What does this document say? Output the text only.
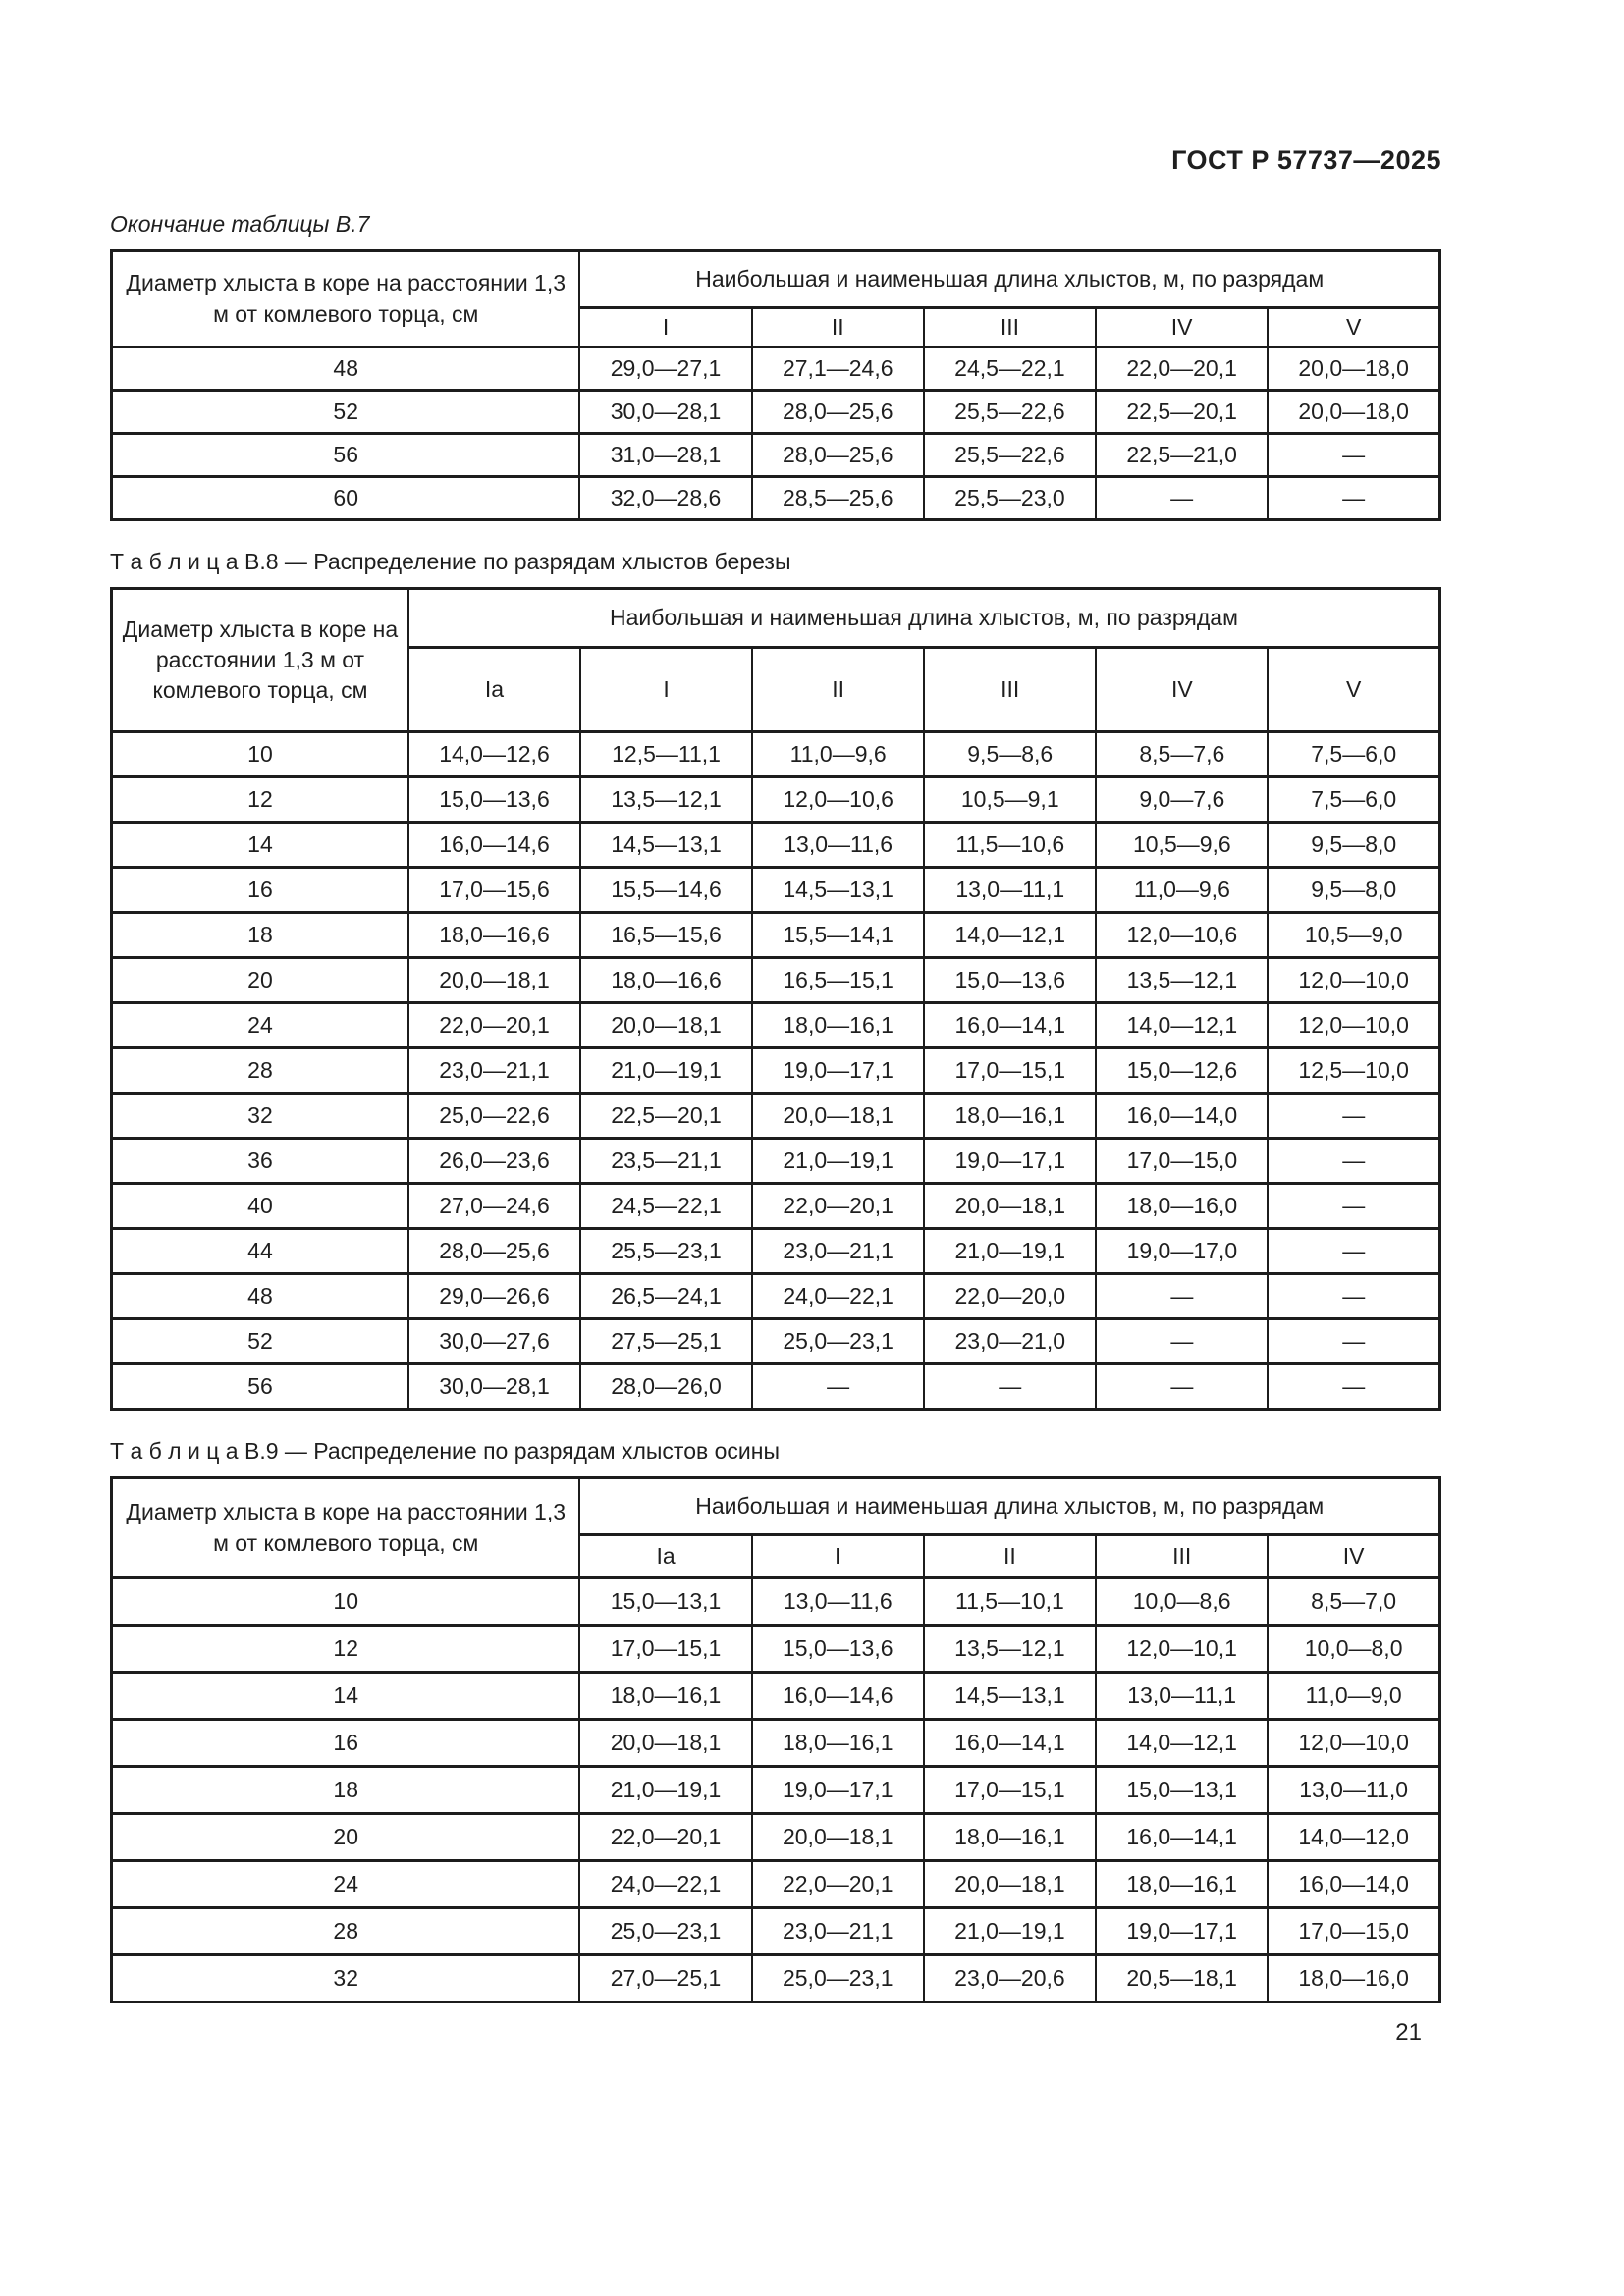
ГОСТ Р 57737—2025
Окончание таблицы В.7
Диаметр хлыста в коре на расстоянии 1,3 м от комлевого торца, см	Наибольшая и наименьшая длина хлыстов, м, по разрядам				
	I	II	III	IV	V
48	29,0—27,1	27,1—24,6	24,5—22,1	22,0—20,1	20,0—18,0
52	30,0—28,1	28,0—25,6	25,5—22,6	22,5—20,1	20,0—18,0
56	31,0—28,1	28,0—25,6	25,5—22,6	22,5—21,0	—
60	32,0—28,6	28,5—25,6	25,5—23,0	—	—
Т а б л и ц а В.8 — Распределение по разрядам хлыстов березы
Диаметр хлыста в коре на расстоянии 1,3 м от комлевого торца, см	Наибольшая и наименьшая длина хлыстов, м, по разрядам					
	Iа	I	II	III	IV	V
10	14,0—12,6	12,5—11,1	11,0—9,6	9,5—8,6	8,5—7,6	7,5—6,0
12	15,0—13,6	13,5—12,1	12,0—10,6	10,5—9,1	9,0—7,6	7,5—6,0
14	16,0—14,6	14,5—13,1	13,0—11,6	11,5—10,6	10,5—9,6	9,5—8,0
16	17,0—15,6	15,5—14,6	14,5—13,1	13,0—11,1	11,0—9,6	9,5—8,0
18	18,0—16,6	16,5—15,6	15,5—14,1	14,0—12,1	12,0—10,6	10,5—9,0
20	20,0—18,1	18,0—16,6	16,5—15,1	15,0—13,6	13,5—12,1	12,0—10,0
24	22,0—20,1	20,0—18,1	18,0—16,1	16,0—14,1	14,0—12,1	12,0—10,0
28	23,0—21,1	21,0—19,1	19,0—17,1	17,0—15,1	15,0—12,6	12,5—10,0
32	25,0—22,6	22,5—20,1	20,0—18,1	18,0—16,1	16,0—14,0	—
36	26,0—23,6	23,5—21,1	21,0—19,1	19,0—17,1	17,0—15,0	—
40	27,0—24,6	24,5—22,1	22,0—20,1	20,0—18,1	18,0—16,0	—
44	28,0—25,6	25,5—23,1	23,0—21,1	21,0—19,1	19,0—17,0	—
48	29,0—26,6	26,5—24,1	24,0—22,1	22,0—20,0	—	—
52	30,0—27,6	27,5—25,1	25,0—23,1	23,0—21,0	—	—
56	30,0—28,1	28,0—26,0	—	—	—	—
Т а б л и ц а В.9 — Распределение по разрядам хлыстов осины
Диаметр хлыста в коре на расстоянии 1,3 м от комлевого торца, см	Наибольшая и наименьшая длина хлыстов, м, по разрядам				
	Iа	I	II	III	IV
10	15,0—13,1	13,0—11,6	11,5—10,1	10,0—8,6	8,5—7,0
12	17,0—15,1	15,0—13,6	13,5—12,1	12,0—10,1	10,0—8,0
14	18,0—16,1	16,0—14,6	14,5—13,1	13,0—11,1	11,0—9,0
16	20,0—18,1	18,0—16,1	16,0—14,1	14,0—12,1	12,0—10,0
18	21,0—19,1	19,0—17,1	17,0—15,1	15,0—13,1	13,0—11,0
20	22,0—20,1	20,0—18,1	18,0—16,1	16,0—14,1	14,0—12,0
24	24,0—22,1	22,0—20,1	20,0—18,1	18,0—16,1	16,0—14,0
28	25,0—23,1	23,0—21,1	21,0—19,1	19,0—17,1	17,0—15,0
32	27,0—25,1	25,0—23,1	23,0—20,6	20,5—18,1	18,0—16,0
21
